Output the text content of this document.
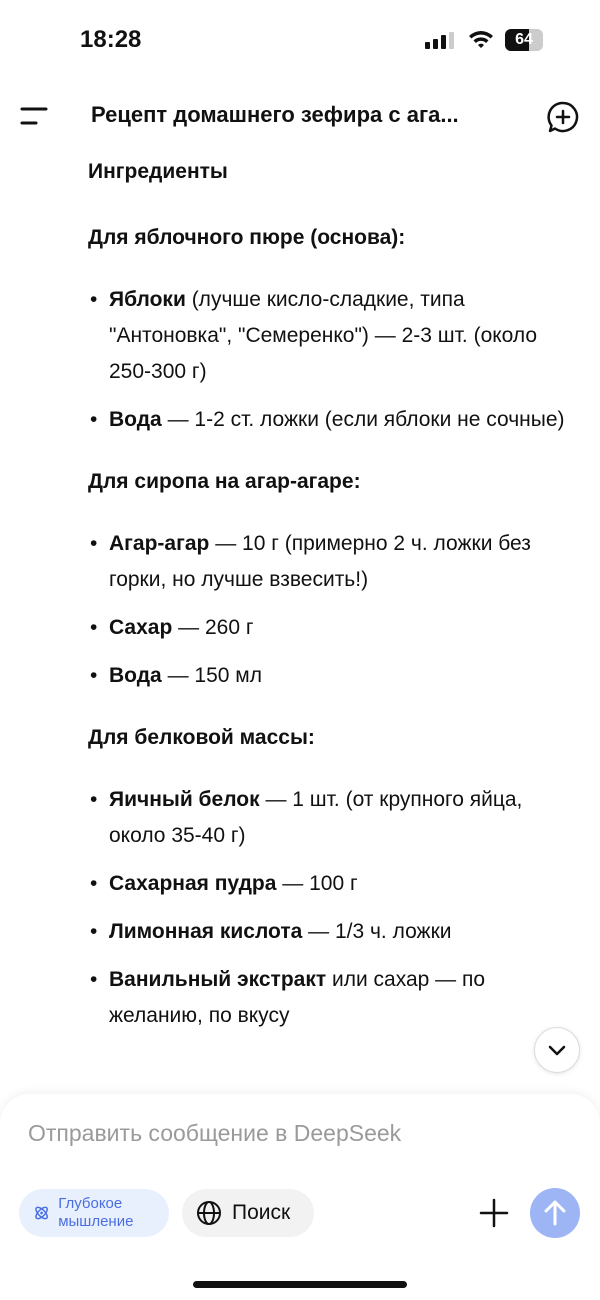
18:28	64
Рецепт домашнего зефира с ага...
Ингредиенты
Для яблочного пюре (основа):
• Яблоки (лучше кисло-сладкие, типа "Антоновка", "Семеренко") — 2-3 шт. (около 250-300 г)
• Вода — 1-2 ст. ложки (если яблоки не сочные)
Для сиропа на агар-агаре:
• Агар-агар — 10 г (примерно 2 ч. ложки без горки, но лучше взвесить!)
• Сахар — 260 г
• Вода — 150 мл
Для белковой массы:
• Яичный белок — 1 шт. (от крупного яйца, около 35-40 г)
• Сахарная пудра — 100 г
• Лимонная кислота — 1/3 ч. ложки
• Ванильный экстракт или сахар — по желанию, по вкусу
Отправить сообщение в DeepSeek
Глубокое мышление	Поиск
